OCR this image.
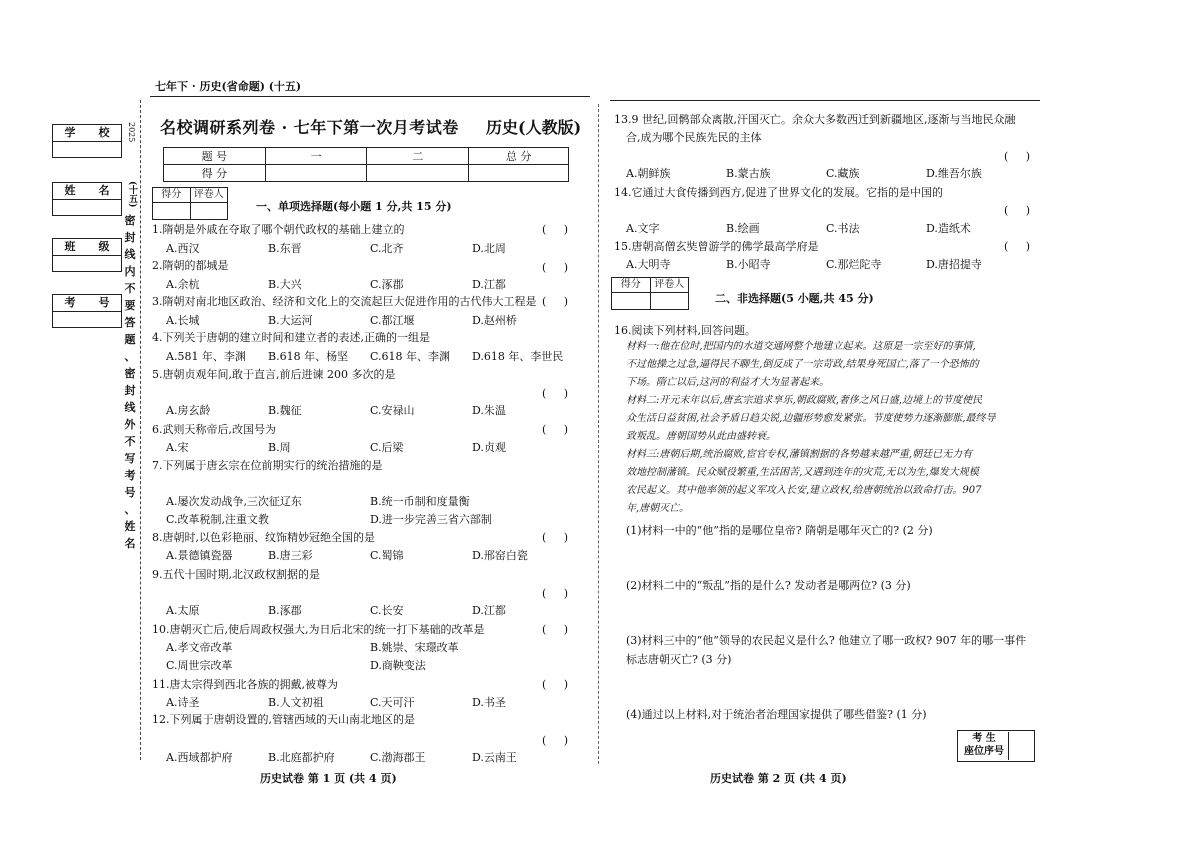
学 校
姓 名
班 级
考 号
2025
(十五)
密
封
线
内
不
要
答
题
、
密
封
线
外
不
写
考
号
、
姓
名
七年下 · 历史(省命题) (十五)
名校调研系列卷 · 七年下第一次月考试卷 历史(人教版)
题 号	一	二	总 分
得 分			
得分	评卷人
一、单项选择题(每小题 1 分,共 15 分)
1.隋朝是外戚在夺取了哪个朝代政权的基础上建立的
A.西汉	B.东晋	C.北齐	D.北周
(     )
2.隋朝的都城是
A.余杭	B.大兴	C.涿郡	D.江都
(     )
3.隋朝对南北地区政治、经济和文化上的交流起巨大促进作用的古代伟大工程是
A.长城	B.大运河	C.都江堰	D.赵州桥
(     )
4.下列关于唐朝的建立时间和建立者的表述,正确的一组是
A.581 年、李渊 B.618 年、杨坚 C.618 年、李渊 D.618 年、李世民
5.唐朝贞观年间,敢于直言,前后进谏 200 多次的是
A.房玄龄	B.魏征	C.安禄山	D.朱温
(     )
6.武则天称帝后,改国号为
A.宋	B.周	C.后梁	D.贞观
(     )
7.下列属于唐玄宗在位前期实行的统治措施的是
A.屡次发动战争,三次征辽东	B.统一币制和度量衡
C.改革税制,注重文教	D.进一步完善三省六部制
8.唐朝时,以色彩艳丽、纹饰精妙冠绝全国的是
A.景德镇瓷器	B.唐三彩	C.蜀锦	D.邢窑白瓷
(     )
9.五代十国时期,北汉政权割据的是
A.太原	B.涿郡	C.长安	D.江都
(     )
10.唐朝灭亡后,使后周政权强大,为日后北宋的统一打下基础的改革是
A.孝文帝改革	B.姚崇、宋璟改革
C.周世宗改革	D.商鞅变法
(     )
11.唐太宗得到西北各族的拥戴,被尊为
A.诗圣	B.人文初祖	C.天可汗	D.书圣
(     )
12.下列属于唐朝设置的,管辖西域的天山南北地区的是
A.西域都护府	B.北庭都护府	C.渤海郡王	D.云南王
(     )
历史试卷 第 1 页 (共 4 页)
13.9 世纪,回鹘部众离散,汗国灭亡。余众大多数西迁到新疆地区,逐渐与当地民众融
合,成为哪个民族先民的主体
(     )
A.朝鲜族	B.蒙古族	C.藏族	D.维吾尔族
14.它通过大食传播到西方,促进了世界文化的发展。它指的是中国的
(     )
A.文字	B.绘画	C.书法	D.造纸术
15.唐朝高僧玄奘曾游学的佛学最高学府是	(     )
A.大明寺	B.小昭寺	C.那烂陀寺	D.唐招提寺
得分	评卷人
二、非选择题(5 小题,共 45 分)
16.阅读下列材料,回答问题。
材料一:他在位时,把国内的水道交通网整个地建立起来。这原是一宗至好的事情,
不过他操之过急,逼得民不聊生,倒反成了一宗苛政,结果身死国亡,落了一个恐怖的
下场。隋亡以后,这河的利益才大为显著起来。
材料二:开元末年以后,唐玄宗追求享乐,朝政腐败,奢侈之风日盛,边境上的节度使民
众生活日益贫困,社会矛盾日趋尖锐,边疆形势愈发紧张。节度使势力逐渐膨胀,最终导
致叛乱。唐朝国势从此由盛转衰。
材料三:唐朝后期,统治腐败,宦官专权,藩镇割据的各势越来越严重,朝廷已无力有
效地控制藩镇。民众赋役繁重,生活困苦,又遇到连年的灾荒,无以为生,爆发大规模
农民起义。其中他率领的起义军攻入长安,建立政权,给唐朝统治以致命打击。907
年,唐朝灭亡。
(1)材料一中的“他”指的是哪位皇帝? 隋朝是哪年灭亡的? (2 分)
(2)材料二中的“叛乱”指的是什么? 发动者是哪两位? (3 分)
(3)材料三中的“他”领导的农民起义是什么? 他建立了哪一政权? 907 年的哪一事件
标志唐朝灭亡? (3 分)
(4)通过以上材料,对于统治者治理国家提供了哪些借鉴? (1 分)
考 生
座位序号
历史试卷 第 2 页 (共 4 页)
